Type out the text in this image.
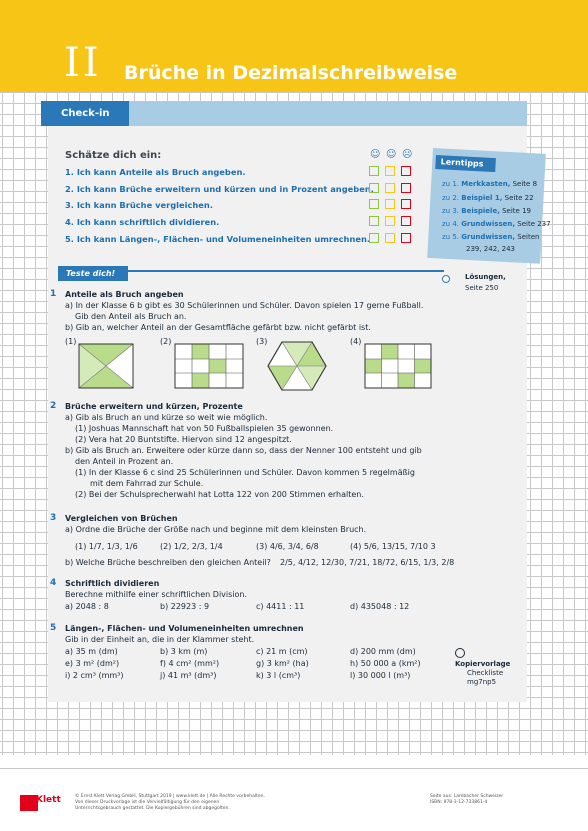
II Brüche in Dezimalschreibweise
Check-in
Schätze dich ein:
1. Ich kann Anteile als Bruch angeben.
2. Ich kann Brüche erweitern und kürzen und in Prozent angeben.
3. Ich kann Brüche vergleichen.
4. Ich kann schriftlich dividieren.
5. Ich kann Längen-, Flächen- und Volumeneinheiten umrechnen.
☺ ☺ ☹
Lerntipps
zu 1. Merkkasten, Seite 8
zu 2. Beispiel 1, Seite 22
zu 3. Beispiele, Seite 19
zu 4. Grundwissen, Seite 237
zu 5. Grundwissen, Seiten
239, 242, 243
Teste dich!	Lösungen,
Seite 250
1 Anteile als Bruch angeben
a) In der Klasse 6 b gibt es 30 Schülerinnen und Schüler. Davon spielen 17 gerne Fußball.
Gib den Anteil als Bruch an.
b) Gib an, welcher Anteil an der Gesamtfläche gefärbt bzw. nicht gefärbt ist.
(1)	(2)	(3)	(4)
2 Brüche erweitern und kürzen, Prozente
a) Gib als Bruch an und kürze so weit wie möglich.
(1) Joshuas Mannschaft hat von 50 Fußballspielen 35 gewonnen.
(2) Vera hat 20 Buntstifte. Hiervon sind 12 angespitzt.
b) Gib als Bruch an. Erweitere oder kürze dann so, dass der Nenner 100 entsteht und gib
den Anteil in Prozent an.
(1) In der Klasse 6 c sind 25 Schülerinnen und Schüler. Davon kommen 5 regelmäßig
mit dem Fahrrad zur Schule.
(2) Bei der Schulsprecherwahl hat Lotta 122 von 200 Stimmen erhalten.
3 Vergleichen von Brüchen
a) Ordne die Brüche der Größe nach und beginne mit dem kleinsten Bruch.
(1) 1/7, 1/3, 1/6	(2) 1/2, 2/3, 1/4	(3) 4/6, 3/4, 6/8	(4) 5/6, 13/15, 7/10 3
b) Welche Brüche beschreiben den gleichen Anteil? 2/5, 4/12, 12/30, 7/21, 18/72, 6/15, 1/3, 2/8
4 Schriftlich dividieren
Berechne mithilfe einer schriftlichen Division.
a) 2048 : 8	b) 22923 : 9	c) 4411 : 11	d) 435048 : 12
5 Längen-, Flächen- und Volumeneinheiten umrechnen
Gib in der Einheit an, die in der Klammer steht.
a) 35 m (dm)	b) 3 km (m)	c) 21 m (cm)	d) 200 mm (dm)
e) 3 m² (dm²)	f) 4 cm² (mm²)	g) 3 km² (ha)	h) 50 000 a (km²)
i) 2 cm³ (mm³)	j) 41 m³ (dm³)	k) 3 l (cm³)	l) 30 000 l (m³)
Kopiervorlage
Checkliste
mg7np5
Klett	© Ernst Klett Verlag GmbH, Stuttgart 2019 | www.klett.de | Alle Rechte vorbehalten.
Von dieser Druckvorlage ist die Vervielfältigung für den eigenen
Unterrichtsgebrauch gestattet. Die Kopiergebühren sind abgegolten.
Seite aus: Lambacher Schweizer
ISBN: 978-3-12-733861-4
